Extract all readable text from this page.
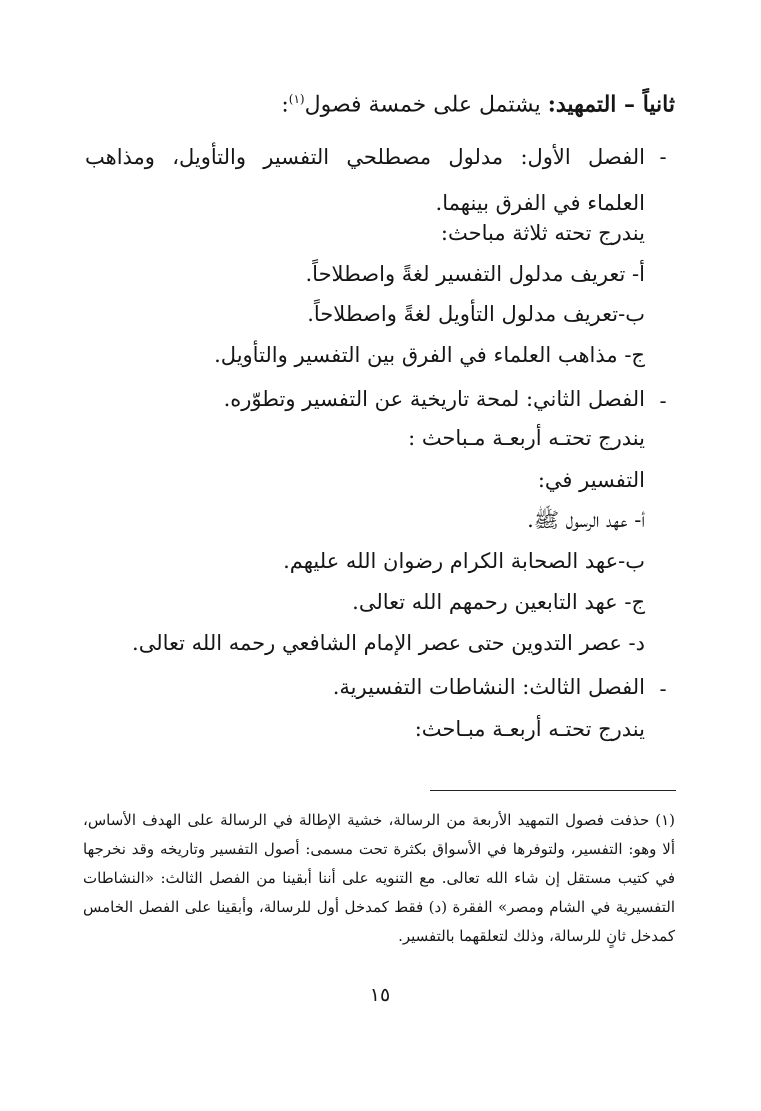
ثانياً – التمهيد: يشتمل على خمسة فصول$^{(١)}$:
-
الفصل الأول: مدلول مصطلحي التفسير والتأويل، ومذاهب العلماء في الفرق بينهما.
يندرج تحته ثلاثة مباحث:
أ- تعريف مدلول التفسير لغةً واصطلاحاً.
ب-تعريف مدلول التأويل لغةً واصطلاحاً.
ج- مذاهب العلماء في الفرق بين التفسير والتأويل.
-
الفصل الثاني: لمحة تاريخية عن التفسير وتطوّره.
يندرج تحتـه أربعـة مـباحث :
التفسير في:
أ- عهد الرسول ﷺ.
ب-عهد الصحابة الكرام رضوان الله عليهم.
ج- عهد التابعين رحمهم الله تعالى.
د- عصر التدوين حتى عصر الإمام الشافعي رحمه الله تعالى.
-
الفصل الثالث: النشاطات التفسيرية.
يندرج تحتـه أربعـة مبـاحث:
(١)حذفت فصول التمهيد الأربعة من الرسالة، خشية الإطالة في الرسالة على الهدف الأساس، ألا وهو: التفسير، ولتوفرها في الأسواق بكثرة تحت مسمى: أصول التفسير وتاريخه وقد نخرجها في كتيب مستقل إن شاء الله تعالى. مع التنويه على أننا أبقينا من الفصل الثالث: «النشاطات التفسيرية في الشام ومصر» الفقرة (د) فقط كمدخل أول للرسالة، وأبقينا على الفصل الخامس كمدخل ثانٍ للرسالة، وذلك لتعلقهما بالتفسير.
١٥
